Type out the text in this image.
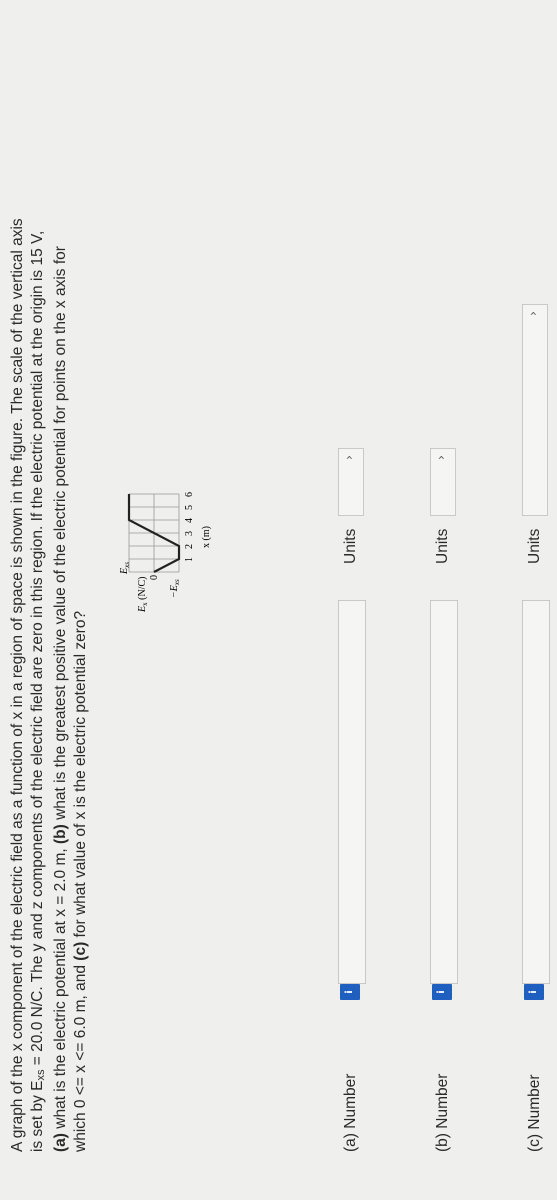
A graph of the x component of the electric field as a function of x in a region of space is shown in the figure. The scale of the vertical axis is set by Exs = 20.0 N/C. The y and z components of the electric field are zero in this region. If the electric potential at the origin is 15 V,
(a) what is the electric potential at x = 2.0 m, (b) what is the greatest positive value of the electric potential for points on the x axis for
which 0 <= x <= 6.0 m, and (c) for what value of x is the electric potential zero?
$E_{xs}$
0
$E_x$ $(N/C) -E_{xs}$
1
2
3
4
5
6
x (m)
(a) Number
i
Units
›
(b) Number
i
Units
›
(c) Number
i
Units
›
